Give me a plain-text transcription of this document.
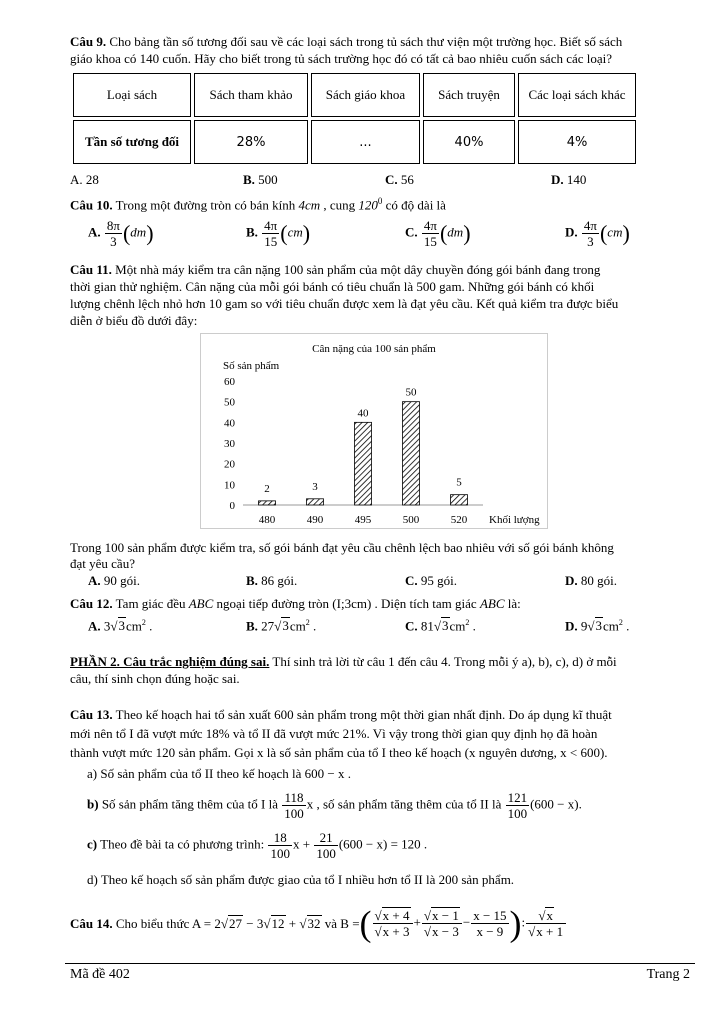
Câu 9. Cho bảng tần số tương đối sau về các loại sách trong tủ sách thư viện một trường học. Biết số sách
giáo khoa có 140 cuốn. Hãy cho biết trong tủ sách trường học đó có tất cả bao nhiêu cuốn sách các loại?
Loại sách	Sách tham khảo	Sách giáo khoa	Sách truyện	Các loại sách khác
Tần số tương đối	28%	...	40%	4%
A. 28	B. 500	C. 56	D. 140
Câu 10. Trong một đường tròn có bán kính 4cm , cung $120^0$ có độ dài là
A. $\frac{8\pi}{3} (dm)$	B. $\frac{4\pi}{15} (cm)$	C. $\frac{4\pi}{15} (dm)$	D. $\frac{4\pi}{3} (cm)$
Câu 11. Một nhà máy kiểm tra cân nặng 100 sản phẩm của một dây chuyền đóng gói bánh đang trong
thời gian thử nghiệm. Cân nặng của mỗi gói bánh có tiêu chuẩn là 500 gam. Những gói bánh có khối
lượng chênh lệch nhỏ hơn 10 gam so với tiêu chuẩn được xem là đạt yêu cầu. Kết quả kiểm tra được biểu
diễn ở biểu đồ dưới đây:
Cân nặng của 100 sản phẩm
Số sản phẩm
Khối lượng
0
10
20
30
40
50
60
2
480
3
490
40
495
50
500
5
520
Trong 100 sản phẩm được kiểm tra, số gói bánh đạt yêu cầu chênh lệch bao nhiêu với số gói bánh không
đạt yêu cầu?
A. 90 gói.	B. 86 gói.	C. 95 gói.	D. 80 gói.
Câu 12. Tam giác đều ABC ngoại tiếp đường tròn (I;3cm) . Diện tích tam giác ABC là:
A. $3√3cm^2$ .	B. $27√3cm^2$ .	C. $81√3cm^2$ .	D. $9√3cm^2$ .
PHẦN 2. Câu trắc nghiệm đúng sai. Thí sinh trả lời từ câu 1 đến câu 4. Trong mỗi ý a), b), c), d) ở mỗi
câu, thí sinh chọn đúng hoặc sai.
Câu 13. Theo kế hoạch hai tổ sản xuất 600 sản phẩm trong một thời gian nhất định. Do áp dụng kĩ thuật
mới nên tổ I đã vượt mức 18% và tổ II đã vượt mức 21%. Vì vậy trong thời gian quy định họ đã hoàn
thành vượt mức 120 sản phẩm. Gọi x là số sản phẩm của tổ I theo kế hoạch (x nguyên dương, x < 600).
a) Số sản phẩm của tổ II theo kế hoạch là 600 − x .
b) Số sản phẩm tăng thêm của tổ I là $\frac{118}{100}$ x , số sản phẩm tăng thêm của tổ II là $\frac{121}{100} (600 - x)$.
c) Theo đề bài ta có phương trình: $\frac{18}{100}$ $x + \frac{21}{100} (600 - x) = 120$ .
d) Theo kế hoạch số sản phẩm được giao của tổ I nhiều hơn tổ II là 200 sản phẩm.
Câu 14. Cho biểu thức A = 2√27 − 3√12 + √32 và B =( $\frac{√x + 4}{√x + 3} + \frac{√x - 1}{√x - 3} - \frac{x - 15}{x - 9}$ ): $\frac{√x}{√x + 1}$
Mã đề 402	Trang 2
